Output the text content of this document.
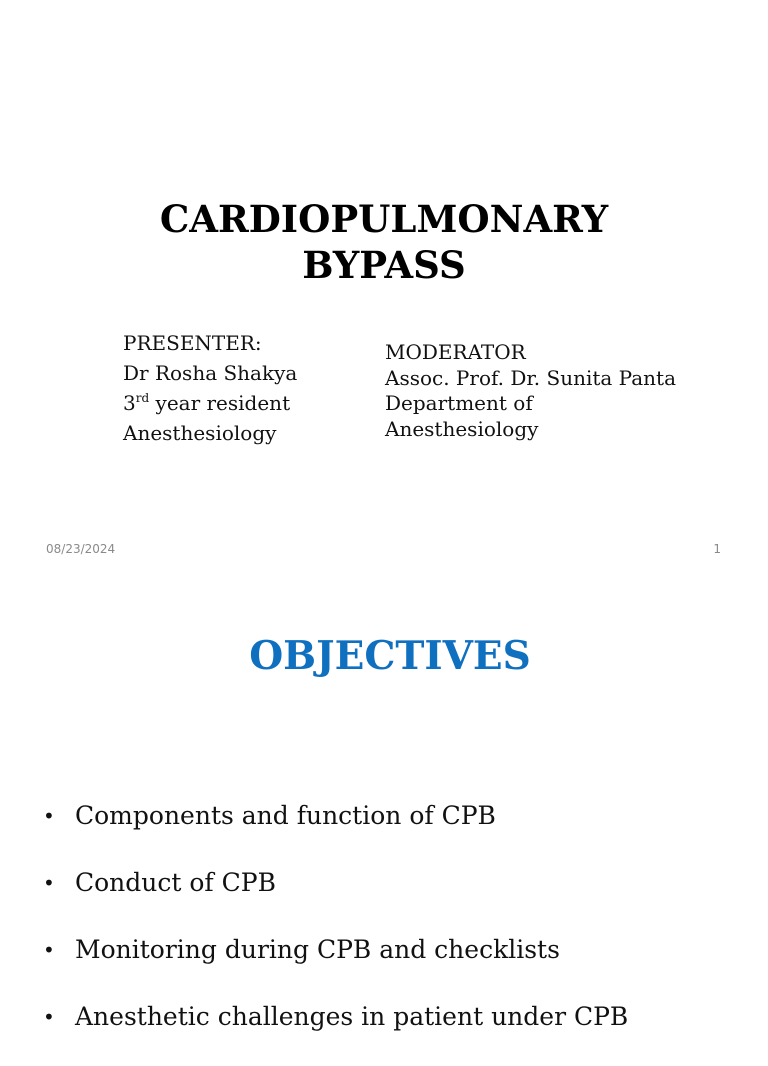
CARDIOPULMONARY
BYPASS
PRESENTER:
Dr Rosha Shakya
3rd year resident
Anesthesiology
MODERATOR
Assoc. Prof. Dr. Sunita Panta
Department of
Anesthesiology
08/23/2024	1
OBJECTIVES
• Components and function of CPB
• Conduct of CPB
• Monitoring during CPB and checklists
• Anesthetic challenges in patient under CPB
